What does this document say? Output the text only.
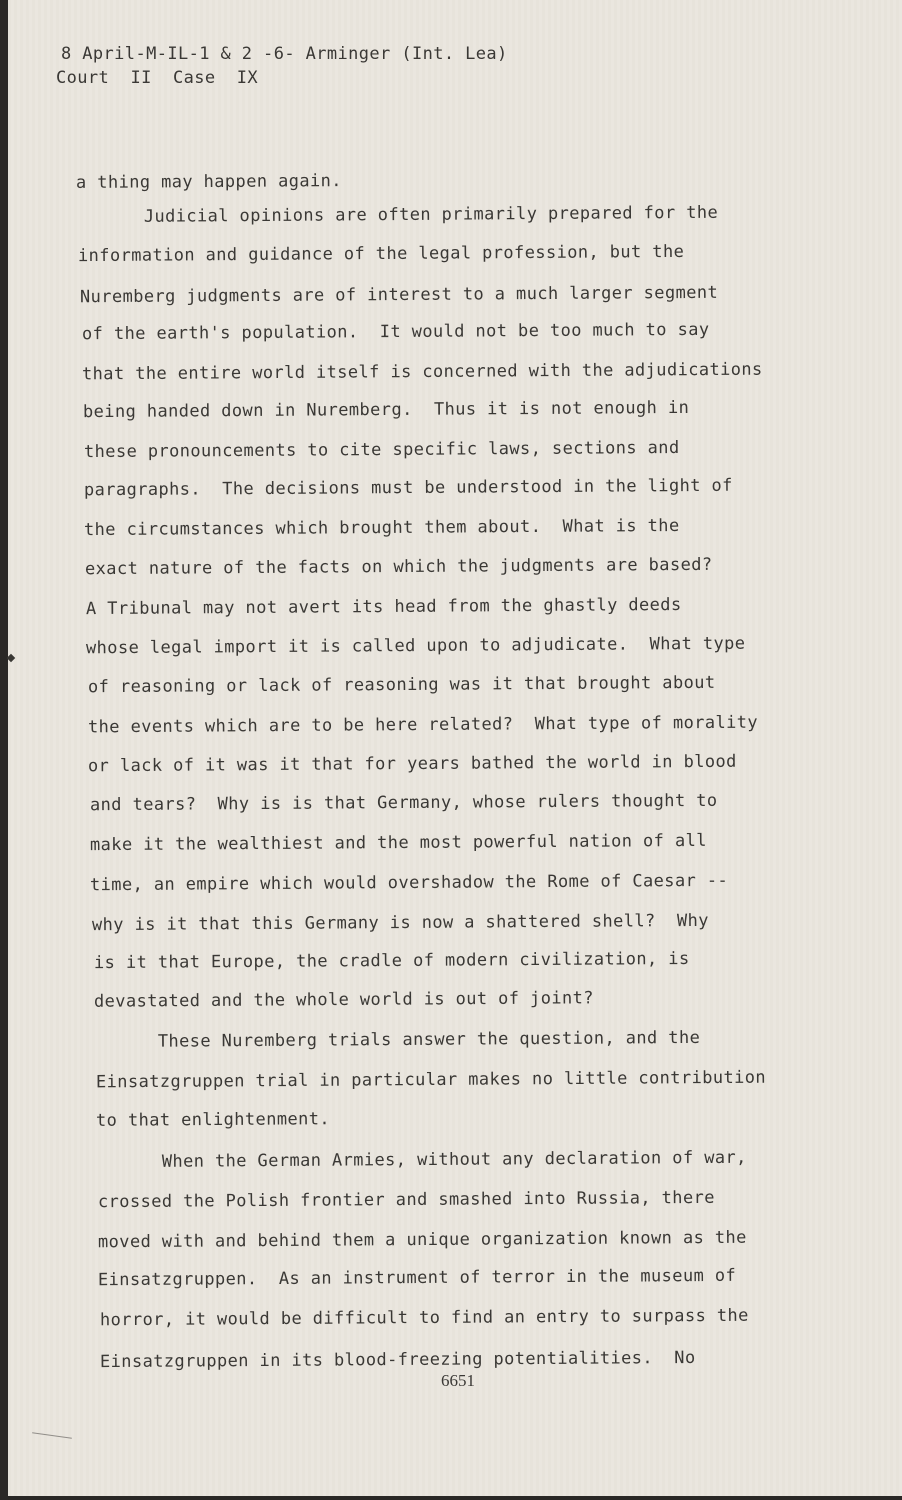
8 April-M-IL-1 & 2 -6- Arminger (Int. Lea)
Court  II  Case  IX
a thing may happen again.
Judicial opinions are often primarily prepared for the
information and guidance of the legal profession, but the
Nuremberg judgments are of interest to a much larger segment
of the earth's population.  It would not be too much to say
that the entire world itself is concerned with the adjudications
being handed down in Nuremberg.  Thus it is not enough in
these pronouncements to cite specific laws, sections and
paragraphs.  The decisions must be understood in the light of
the circumstances which brought them about.  What is the
exact nature of the facts on which the judgments are based?
A Tribunal may not avert its head from the ghastly deeds
whose legal import it is called upon to adjudicate.  What type
of reasoning or lack of reasoning was it that brought about
the events which are to be here related?  What type of morality
or lack of it was it that for years bathed the world in blood
and tears?  Why is is that Germany, whose rulers thought to
make it the wealthiest and the most powerful nation of all
time, an empire which would overshadow the Rome of Caesar --
why is it that this Germany is now a shattered shell?  Why
is it that Europe, the cradle of modern civilization, is
devastated and the whole world is out of joint?
These Nuremberg trials answer the question, and the
Einsatzgruppen trial in particular makes no little contribution
to that enlightenment.
When the German Armies, without any declaration of war,
crossed the Polish frontier and smashed into Russia, there
moved with and behind them a unique organization known as the
Einsatzgruppen.  As an instrument of terror in the museum of
horror, it would be difficult to find an entry to surpass the
Einsatzgruppen in its blood-freezing potentialities.  No
6651
